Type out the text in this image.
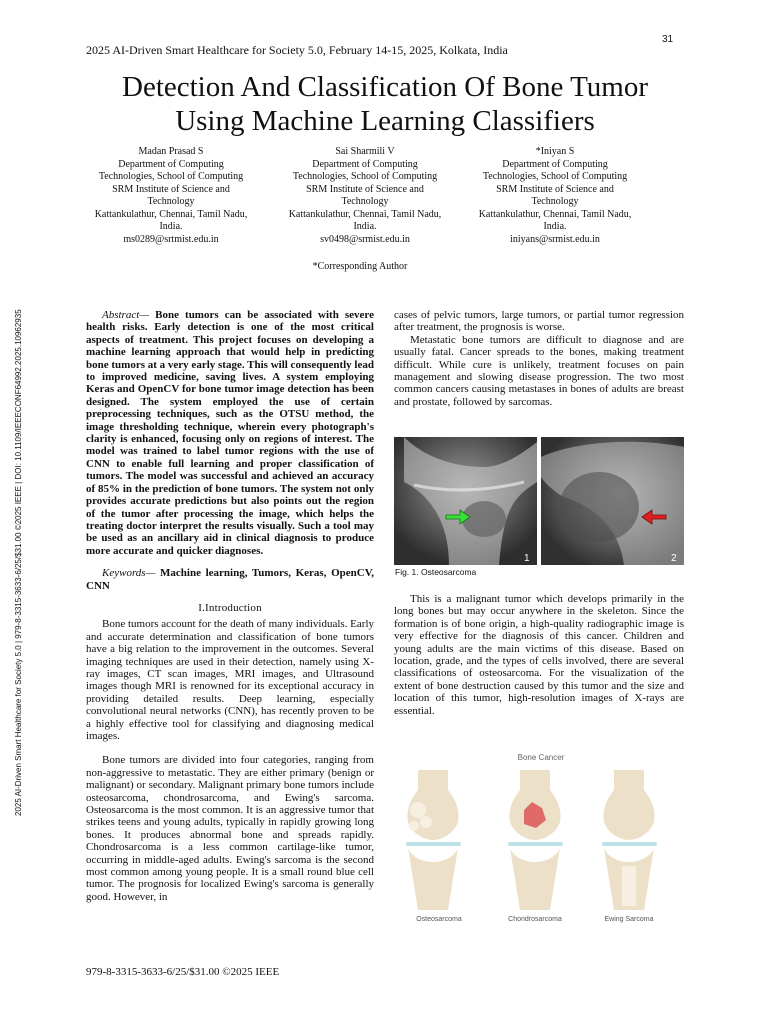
31
2025 AI-Driven Smart Healthcare for Society 5.0, February 14-15, 2025, Kolkata, India
Detection And Classification Of Bone Tumor
Using Machine Learning Classifiers
Madan Prasad S
Department of Computing
Technologies, School of Computing
SRM Institute of Science and
Technology
Kattankulathur, Chennai, Tamil Nadu,
India.
ms0289@srtmist.edu.in
Sai Sharmili V
Department of Computing
Technologies, School of Computing
SRM Institute of Science and
Technology
Kattankulathur, Chennai, Tamil Nadu,
India.
sv0498@srmist.edu.in
*Iniyan S
Department of Computing
Technologies, School of Computing
SRM Institute of Science and
Technology
Kattankulathur, Chennai, Tamil Nadu,
India.
iniyans@srmist.edu.in
*Corresponding Author
2025 AI-Driven Smart Healthcare for Society 5.0 | 979-8-3315-3633-6/25/$31.00 ©2025 IEEE | DOI: 10.1109/IEEECONF64992.2025.10962935	Abstract— Bone tumors can be associated with severe health risks. Early detection is one of the most critical aspects of treatment. This project focuses on developing a machine learning approach that would help in predicting bone tumors at a very early stage. This will consequently lead to improved medicine, saving lives. A system employing Keras and OpenCV for bone tumor image detection has been designed. The system employed the use of certain preprocessing techniques, such as the OTSU method, the image thresholding technique, wherein every photograph's clarity is enhanced, focusing only on regions of interest. The model was trained to label tumor regions with the use of CNN to enable full learning and proper classification of tumors. The model was successful and achieved an accuracy of 85% in the prediction of bone tumors. The system not only provides accurate predictions but also points out the region of the tumor after processing the image, which helps the treating doctor interpret the results visually. Such a tool may be used as an ancillary aid in clinical diagnosis to produce more accurate and quicker diagnoses.

Keywords— Machine learning, Tumors, Keras, OpenCV, CNN

I.Introduction

Bone tumors account for the death of many individuals. Early and accurate determination and classification of bone tumors have a big relation to the improvement in the outcomes. Several imaging techniques are used in their detection, namely using X-ray images, CT scan images, MRI images, and Ultrasound images though MRI is renowned for its exceptional accuracy in providing detailed results. Deep learning, especially convolutional neural networks (CNN), has recently proven to be a highly effective tool for classifying and diagnosing medical images.

Bone tumors are divided into four categories, ranging from non-aggressive to metastatic. They are either primary (benign or malignant) or secondary. Malignant primary bone tumors include osteosarcoma, chondrosarcoma, and Ewing's sarcoma. Osteosarcoma is the most common. It is an aggressive tumor that strikes teens and young adults, typically in rapidly growing long bones. It produces abnormal bone and spreads rapidly. Chondrosarcoma is a less common cartilage-like tumor, occurring in middle-aged adults. Ewing's sarcoma is the second most common among young people. It is a small round blue cell tumor. The prognosis for localized Ewing's sarcoma is generally good. However, in

cases of pelvic tumors, large tumors, or partial tumor regression after treatment, the prognosis is worse.

Metastatic bone tumors are difficult to diagnose and are usually fatal. Cancer spreads to the bones, making treatment difficult. While cure is unlikely, treatment focuses on pain management and slowing disease progression. The two most common cancers causing metastases in bones of adults are breast and prostate, followed by sarcomas.

1	2
Fig. 1. Osteosarcoma

This is a malignant tumor which develops primarily in the long bones but may occur anywhere in the skeleton. Since the formation is of bone origin, a high-quality radiographic image is very effective for the diagnosis of this cancer. Children and young adults are the main victims of this disease. Based on location, grade, and the types of cells involved, there are several classifications of osteosarcoma. For the visualization of the extent of bone destruction caused by this tumor and the size and location of this tumor, high-resolution images of X-rays are essential.

Bone Cancer
Osteosarcoma	Chondrosarcoma	Ewing Sarcoma
979-8-3315-3633-6/25/$31.00 ©2025 IEEE
